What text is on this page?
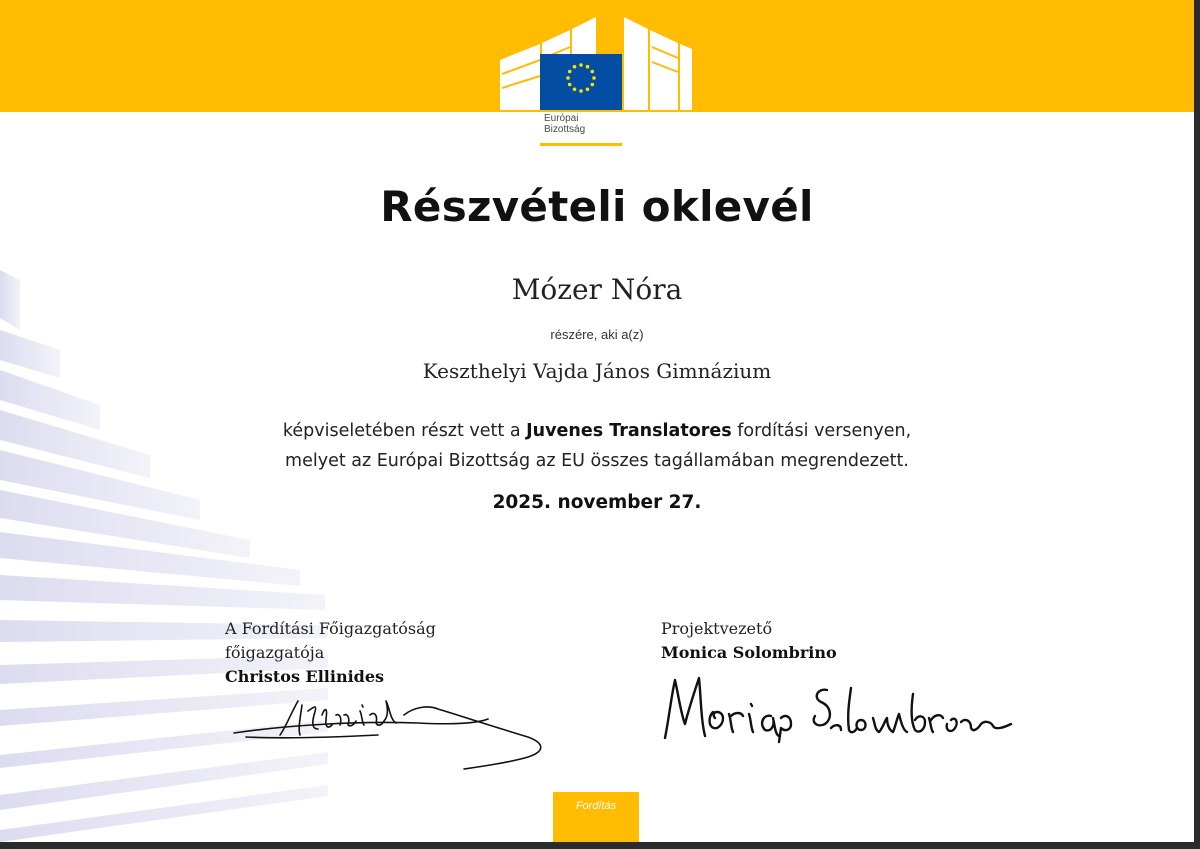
Európai
Bizottság
Részvételi oklevél
Mózer Nóra
részére, aki a(z)
Keszthelyi Vajda János Gimnázium
képviseletében részt vett a Juvenes Translatores fordítási versenyen,
melyet az Európai Bizottság az EU összes tagállamában megrendezett.
2025. november 27.
A Fordítási Főigazgatóság
főigazgatója
Christos Ellinides
Projektvezető
Monica Solombrino
Fordítás
